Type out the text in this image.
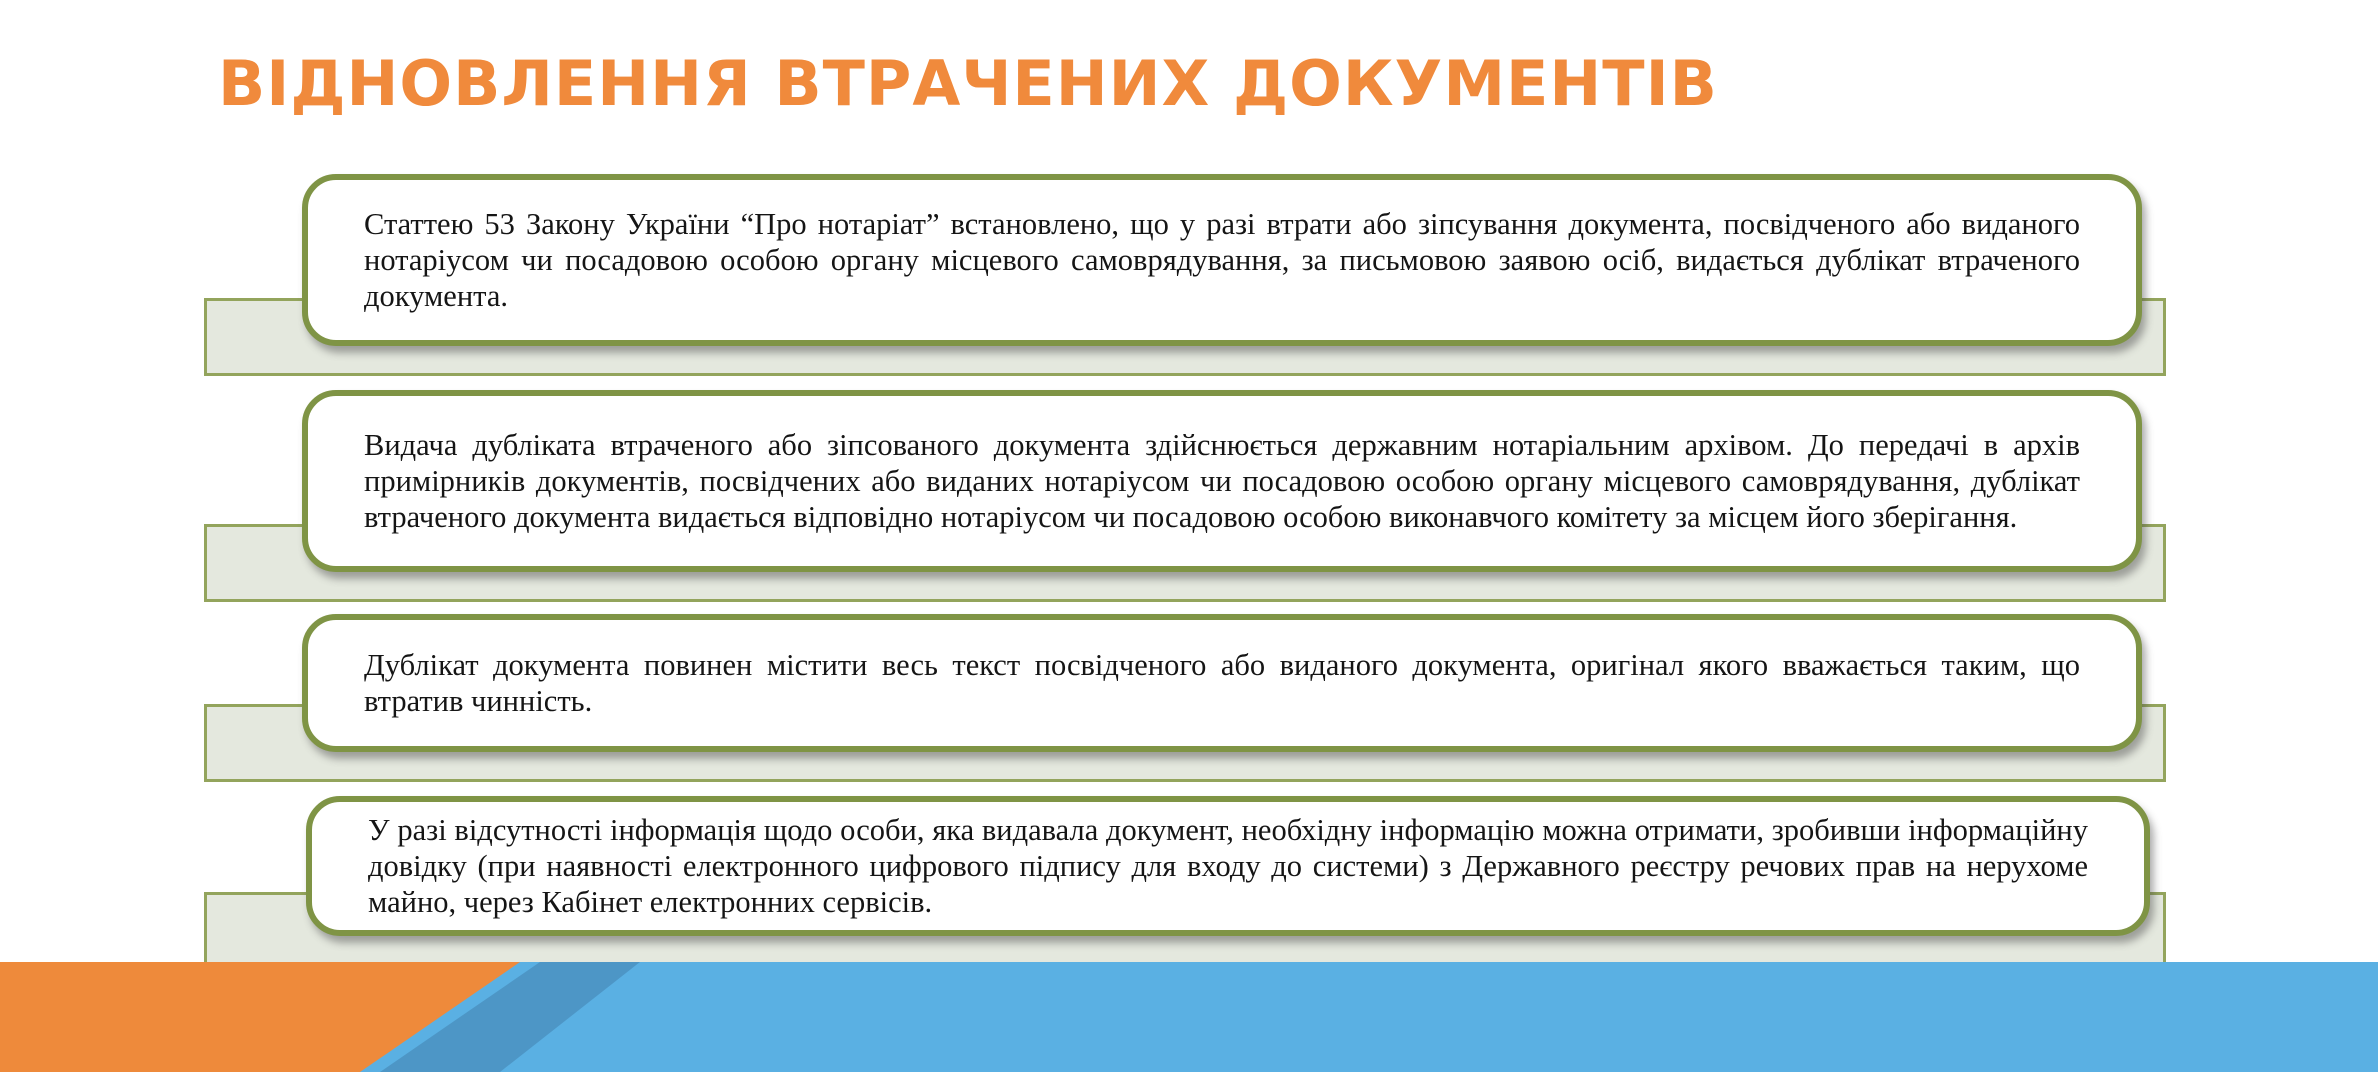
ВІДНОВЛЕННЯ ВТРАЧЕНИХ ДОКУМЕНТІВ

Статтею 53 Закону України “Про нотаріат” встановлено, що у разі втрати або зіпсування документа, посвідченого або виданого нотаріусом чи посадовою особою органу місцевого самоврядування, за письмовою заявою осіб, видається дублікат втраченого документа.

Видача дубліката втраченого або зіпсованого документа здійснюється державним нотаріальним архівом. До передачі в архів примірників документів, посвідчених або виданих нотаріусом чи посадовою особою органу місцевого самоврядування, дублікат втраченого документа видається відповідно нотаріусом чи посадовою особою виконавчого комітету за місцем його зберігання.

Дублікат документа повинен містити весь текст посвідченого або виданого документа, оригінал якого вважається таким, що втратив чинність.

У разі відсутності інформація щодо особи, яка видавала документ, необхідну інформацію можна отримати, зробивши інформаційну довідку (при наявності електронного цифрового підпису для входу до системи) з Державного реєстру речових прав на нерухоме майно, через Кабінет електронних сервісів.
